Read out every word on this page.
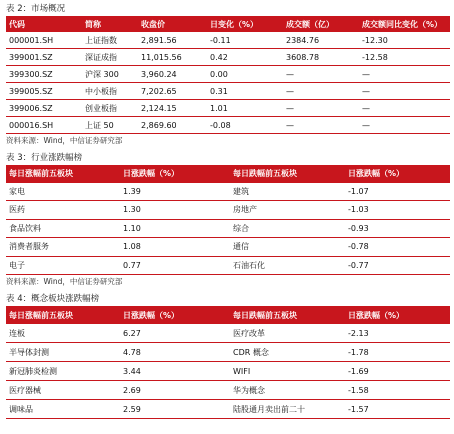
表 2：市场概况
代码	简称	收盘价	日变化（%）	成交额（亿）	成交额同比变化（%）
000001.SH	上证指数	2,891.56	-0.11	2384.76	-12.30
399001.SZ	深证成指	11,015.56	0.42	3608.78	-12.58
399300.SZ	沪深 300	3,960.24	0.00	—	—
399005.SZ	中小板指	7,202.65	0.31	—	—
399006.SZ	创业板指	2,124.15	1.01	—	—
000016.SH	上证 50	2,869.60	-0.08	—	—
资料来源：Wind，中信证券研究部
表 3：行业涨跌幅榜
每日涨幅前五板块	日涨跌幅（%）	每日跌幅前五板块	日涨跌幅（%）
家电	1.39	建筑	-1.07
医药	1.30	房地产	-1.03
食品饮料	1.10	综合	-0.93
消费者服务	1.08	通信	-0.78
电子	0.77	石油石化	-0.77
资料来源：Wind，中信证券研究部
表 4：概念板块涨跌幅榜
每日涨幅前五板块	日涨跌幅（%）	每日跌幅前五板块	日涨跌幅（%）
连板	6.27	医疗改革	-2.13
半导体封测	4.78	CDR 概念	-1.78
新冠肺炎检测	3.44	WIFI	-1.69
医疗器械	2.69	华为概念	-1.58
调味品	2.59	陆股通月卖出前二十	-1.57
